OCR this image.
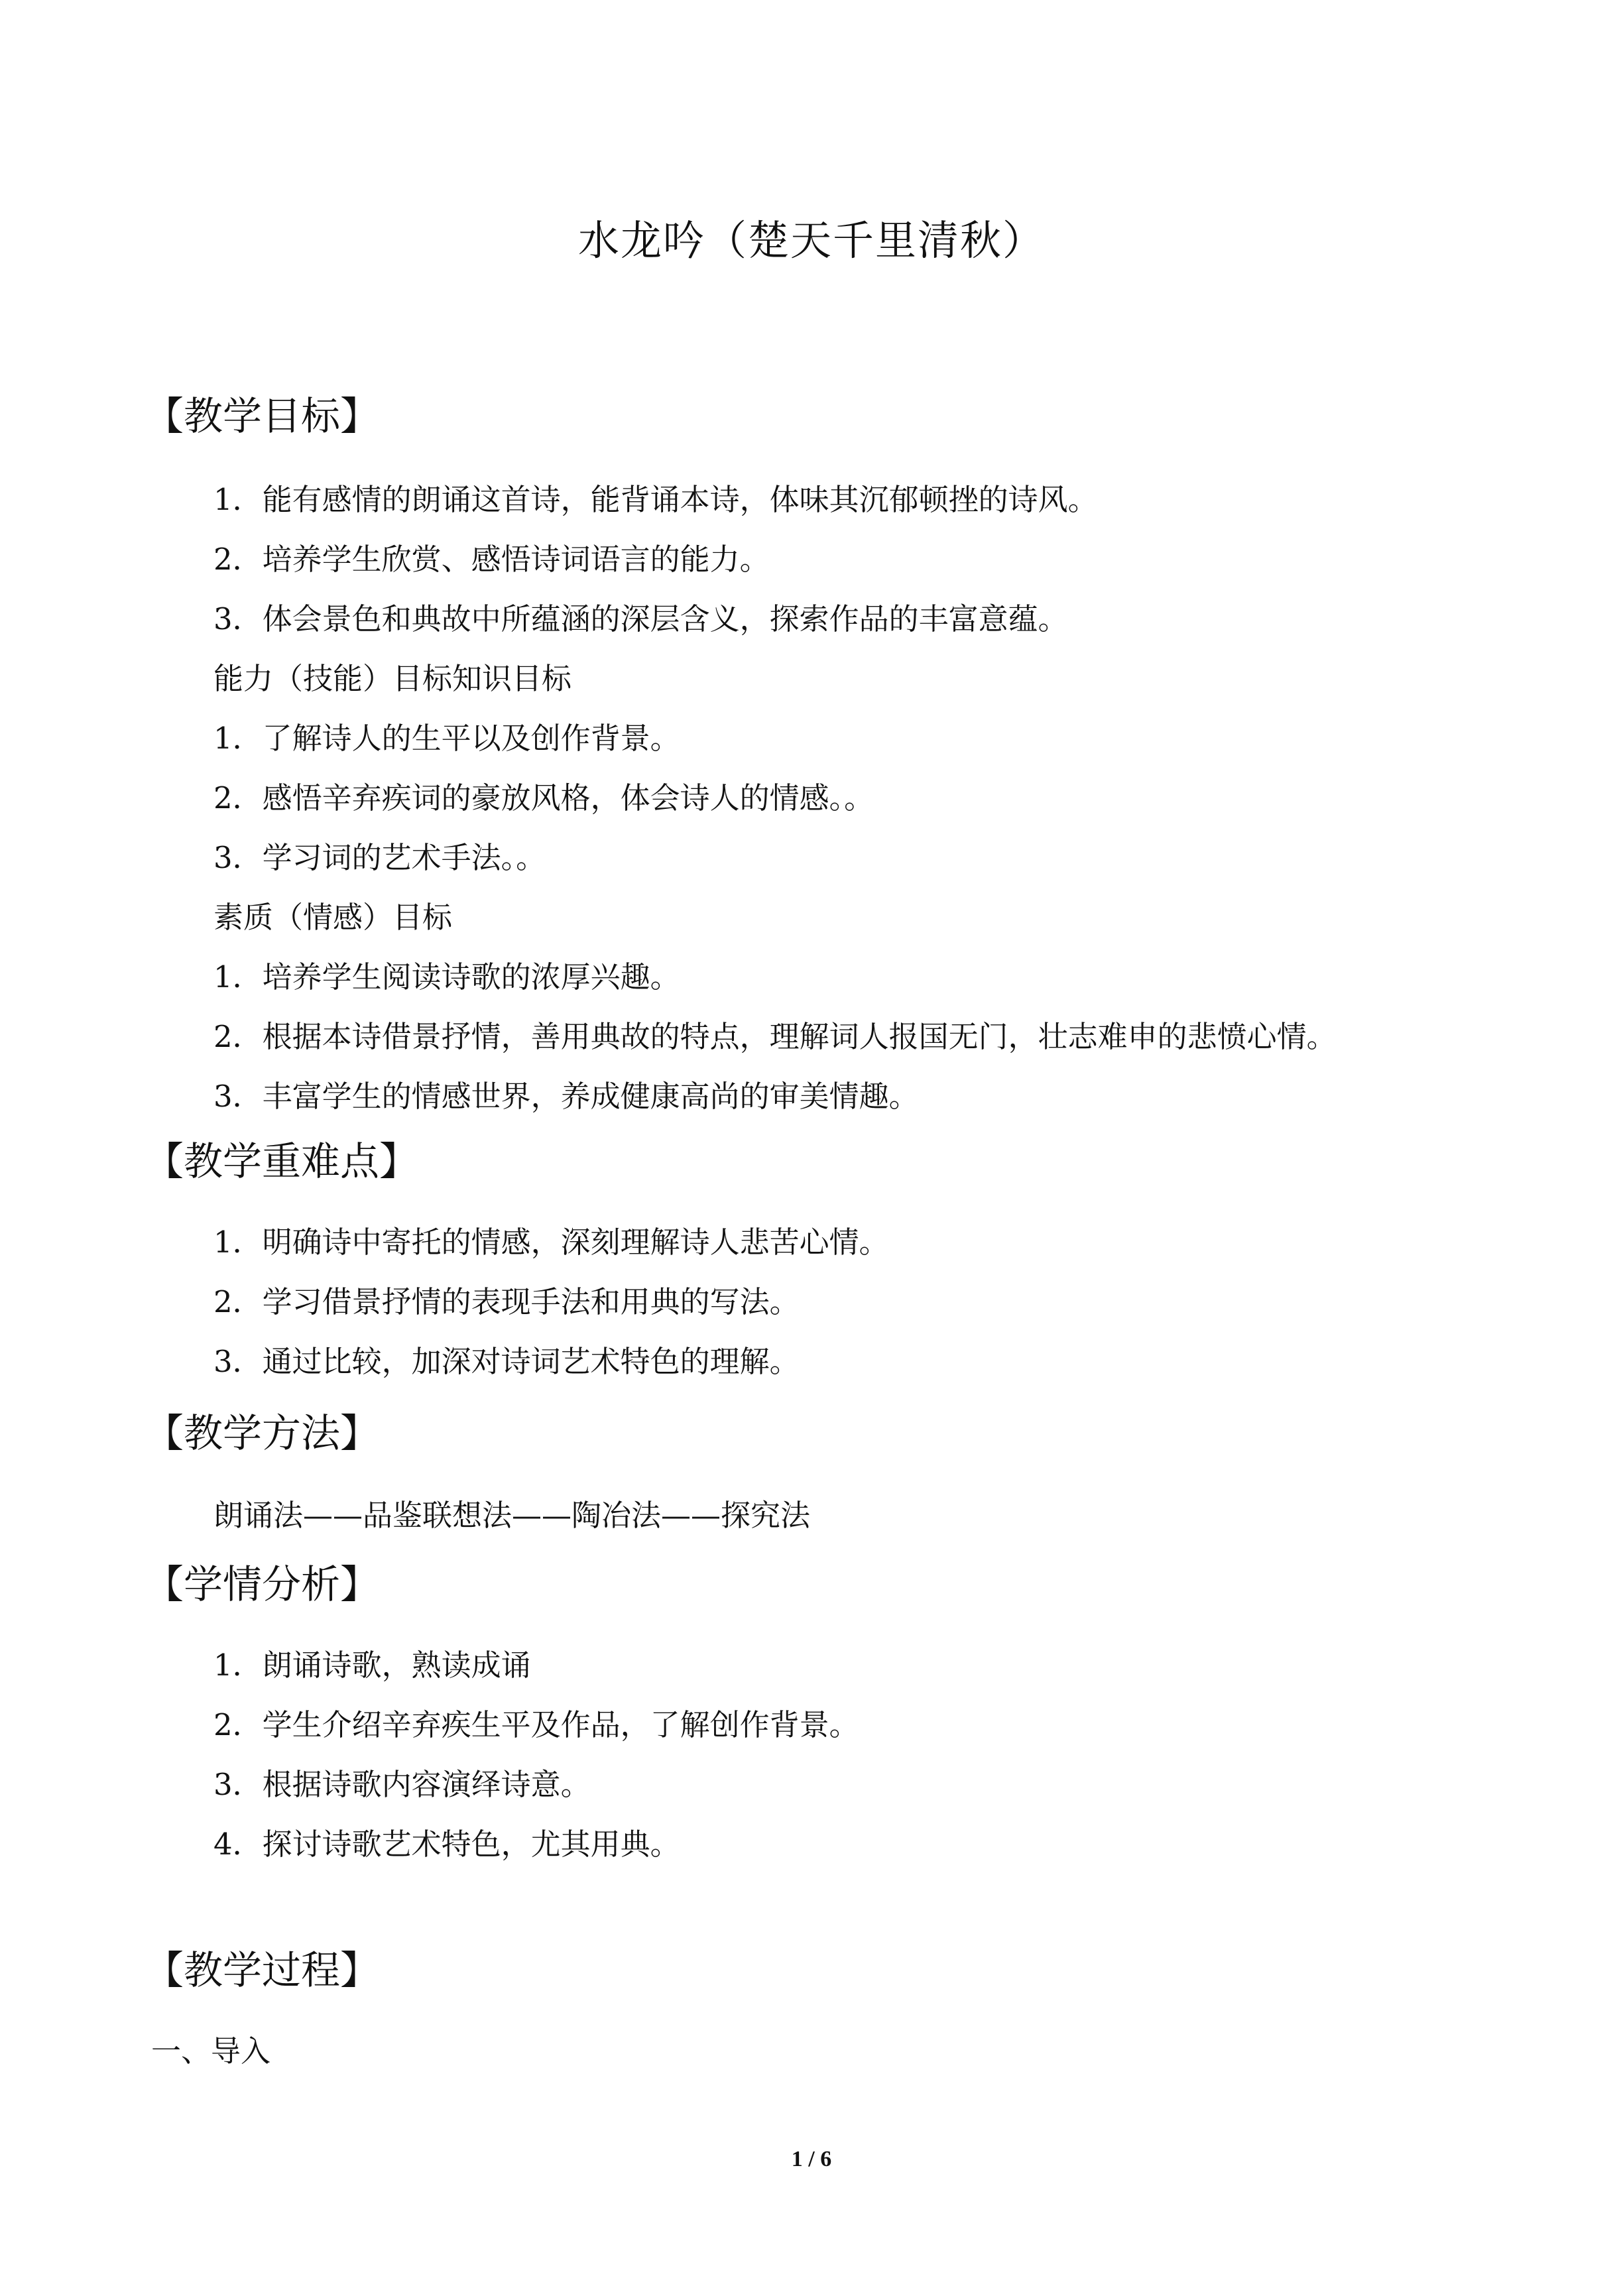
水龙吟（楚天千里清秋）
【教学目标】
1．能有感情的朗诵这首诗，能背诵本诗，体味其沉郁顿挫的诗风。
2．培养学生欣赏、感悟诗词语言的能力。
3．体会景色和典故中所蕴涵的深层含义，探索作品的丰富意蕴。
能力（技能）目标知识目标
1．了解诗人的生平以及创作背景。
2．感悟辛弃疾词的豪放风格，体会诗人的情感。。
3．学习词的艺术手法。。
素质（情感）目标
1．培养学生阅读诗歌的浓厚兴趣。
2．根据本诗借景抒情，善用典故的特点，理解词人报国无门，壮志难申的悲愤心情。
3．丰富学生的情感世界，养成健康高尚的审美情趣。
【教学重难点】
1．明确诗中寄托的情感，深刻理解诗人悲苦心情。
2．学习借景抒情的表现手法和用典的写法。
3．通过比较，加深对诗词艺术特色的理解。
【教学方法】
朗诵法——品鉴联想法——陶冶法——探究法
【学情分析】
1．朗诵诗歌，熟读成诵
2．学生介绍辛弃疾生平及作品，了解创作背景。
3．根据诗歌内容演绎诗意。
4．探讨诗歌艺术特色，尤其用典。
【教学过程】
一、导入
1 / 6
